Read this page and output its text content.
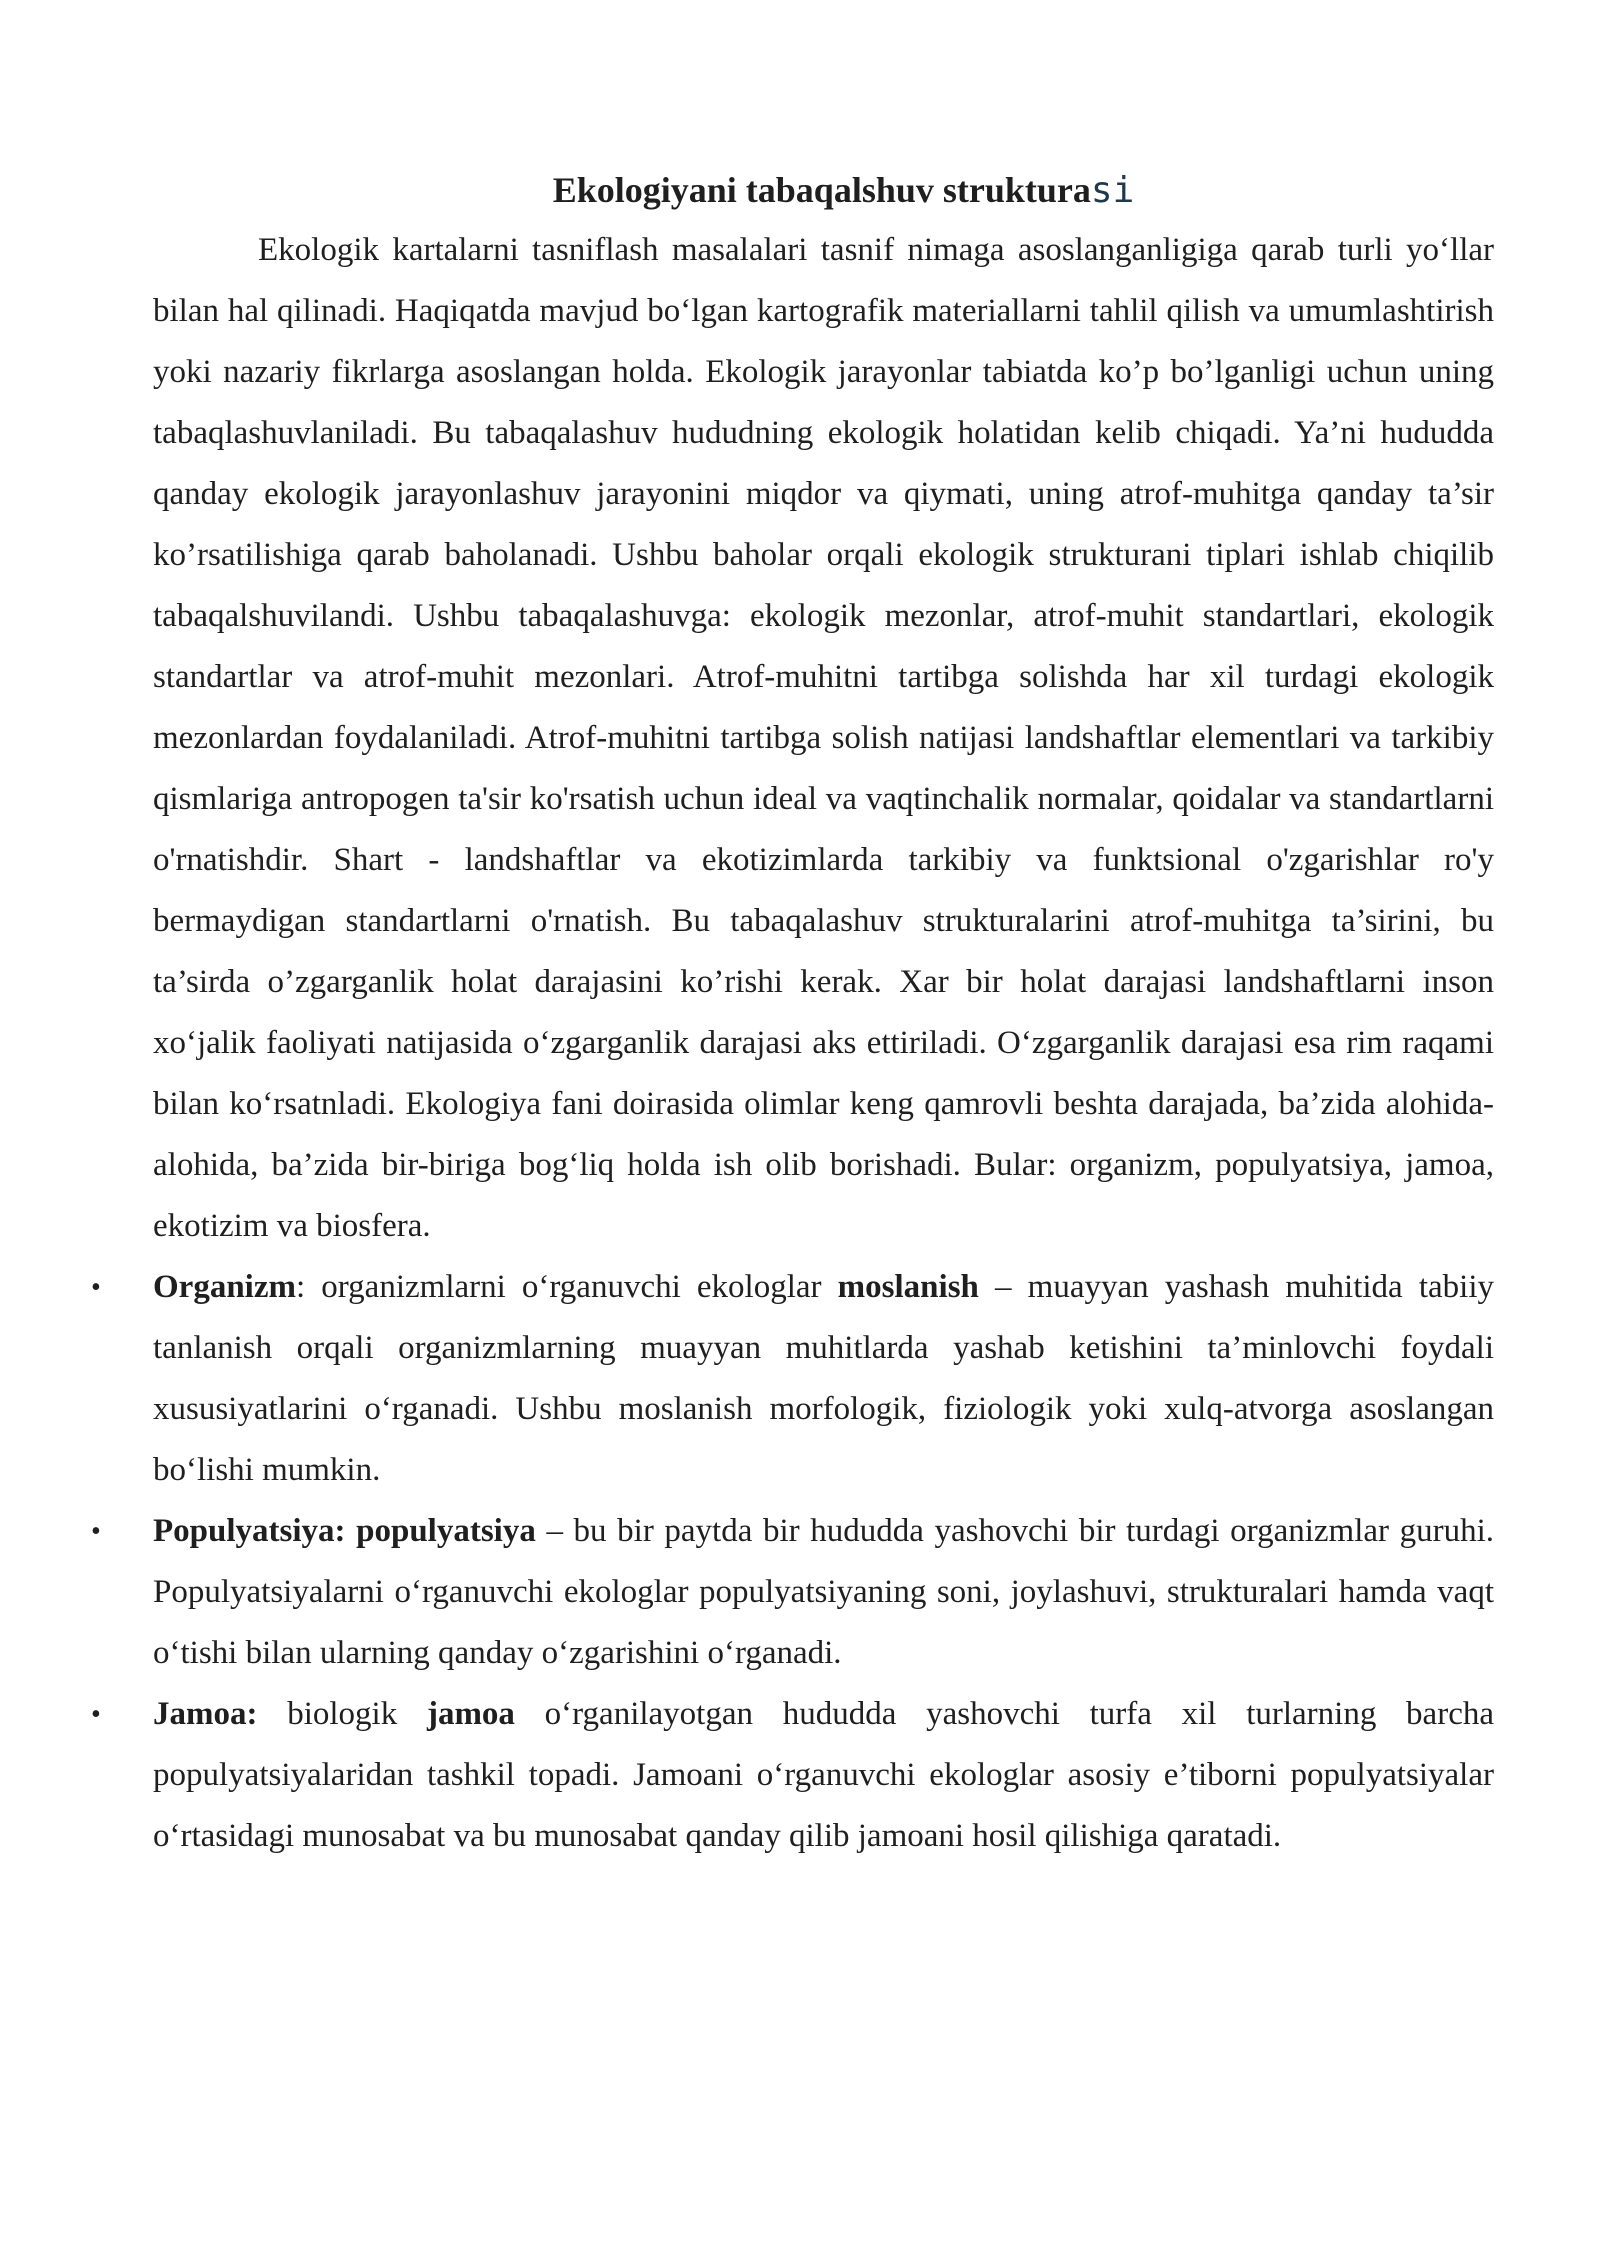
Ekologiyani tabaqalshuv strukturasi

Ekologik kartalarni tasniflash masalalari tasnif nimaga asoslanganligiga qarab turli yo‘llar bilan hal qilinadi. Haqiqatda mavjud bo‘lgan kartografik materiallarni tahlil qilish va umumlashtirish yoki nazariy fikrlarga asoslangan holda. Ekologik jarayonlar tabiatda ko’p bo’lganligi uchun uning tabaqlashuvlaniladi. Bu tabaqalashuv hududning ekologik holatidan kelib chiqadi. Ya’ni hududda qanday ekologik jarayonlashuv jarayonini miqdor va qiymati, uning atrof-muhitga qanday ta’sir ko’rsatilishiga qarab baholanadi. Ushbu baholar orqali ekologik strukturani tiplari ishlab chiqilib tabaqalshuvilandi. Ushbu tabaqalashuvga: ekologik mezonlar, atrof-muhit standartlari, ekologik standartlar va atrof-muhit mezonlari. Atrof-muhitni tartibga solishda har xil turdagi ekologik mezonlardan foydalaniladi. Atrof-muhitni tartibga solish natijasi landshaftlar elementlari va tarkibiy qismlariga antropogen ta'sir ko'rsatish uchun ideal va vaqtinchalik normalar, qoidalar va standartlarni o'rnatishdir. Shart - landshaftlar va ekotizimlarda tarkibiy va funktsional o'zgarishlar ro'y bermaydigan standartlarni o'rnatish. Bu tabaqalashuv strukturalarini atrof-muhitga ta’sirini, bu ta’sirda o’zgarganlik holat darajasini ko’rishi kerak. Xar bir holat darajasi landshaftlarni inson xo‘jalik faoliyati natijasida o‘zgarganlik darajasi aks ettiriladi. O‘zgarganlik darajasi esa rim raqami bilan ko‘rsatnladi. Ekologiya fani doirasida olimlar keng qamrovli beshta darajada, ba’zida alohida-alohida, ba’zida bir-biriga bog‘liq holda ish olib borishadi. Bular: organizm, populyatsiya, jamoa, ekotizim va biosfera.

• Organizm: organizmlarni o‘rganuvchi ekologlar moslanish – muayyan yashash muhitida tabiiy tanlanish orqali organizmlarning muayyan muhitlarda yashab ketishini ta’minlovchi foydali xususiyatlarini o‘rganadi. Ushbu moslanish morfologik, fiziologik yoki xulq-atvorga asoslangan bo‘lishi mumkin.
• Populyatsiya: populyatsiya – bu bir paytda bir hududda yashovchi bir turdagi organizmlar guruhi. Populyatsiyalarni o‘rganuvchi ekologlar populyatsiyaning soni, joylashuvi, strukturalari hamda vaqt o‘tishi bilan ularning qanday o‘zgarishini o‘rganadi.
• Jamoa: biologik jamoa o‘rganilayotgan hududda yashovchi turfa xil turlarning barcha populyatsiyalaridan tashkil topadi. Jamoani o‘rganuvchi ekologlar asosiy e’tiborni populyatsiyalar o‘rtasidagi munosabat va bu munosabat qanday qilib jamoani hosil qilishiga qaratadi.
